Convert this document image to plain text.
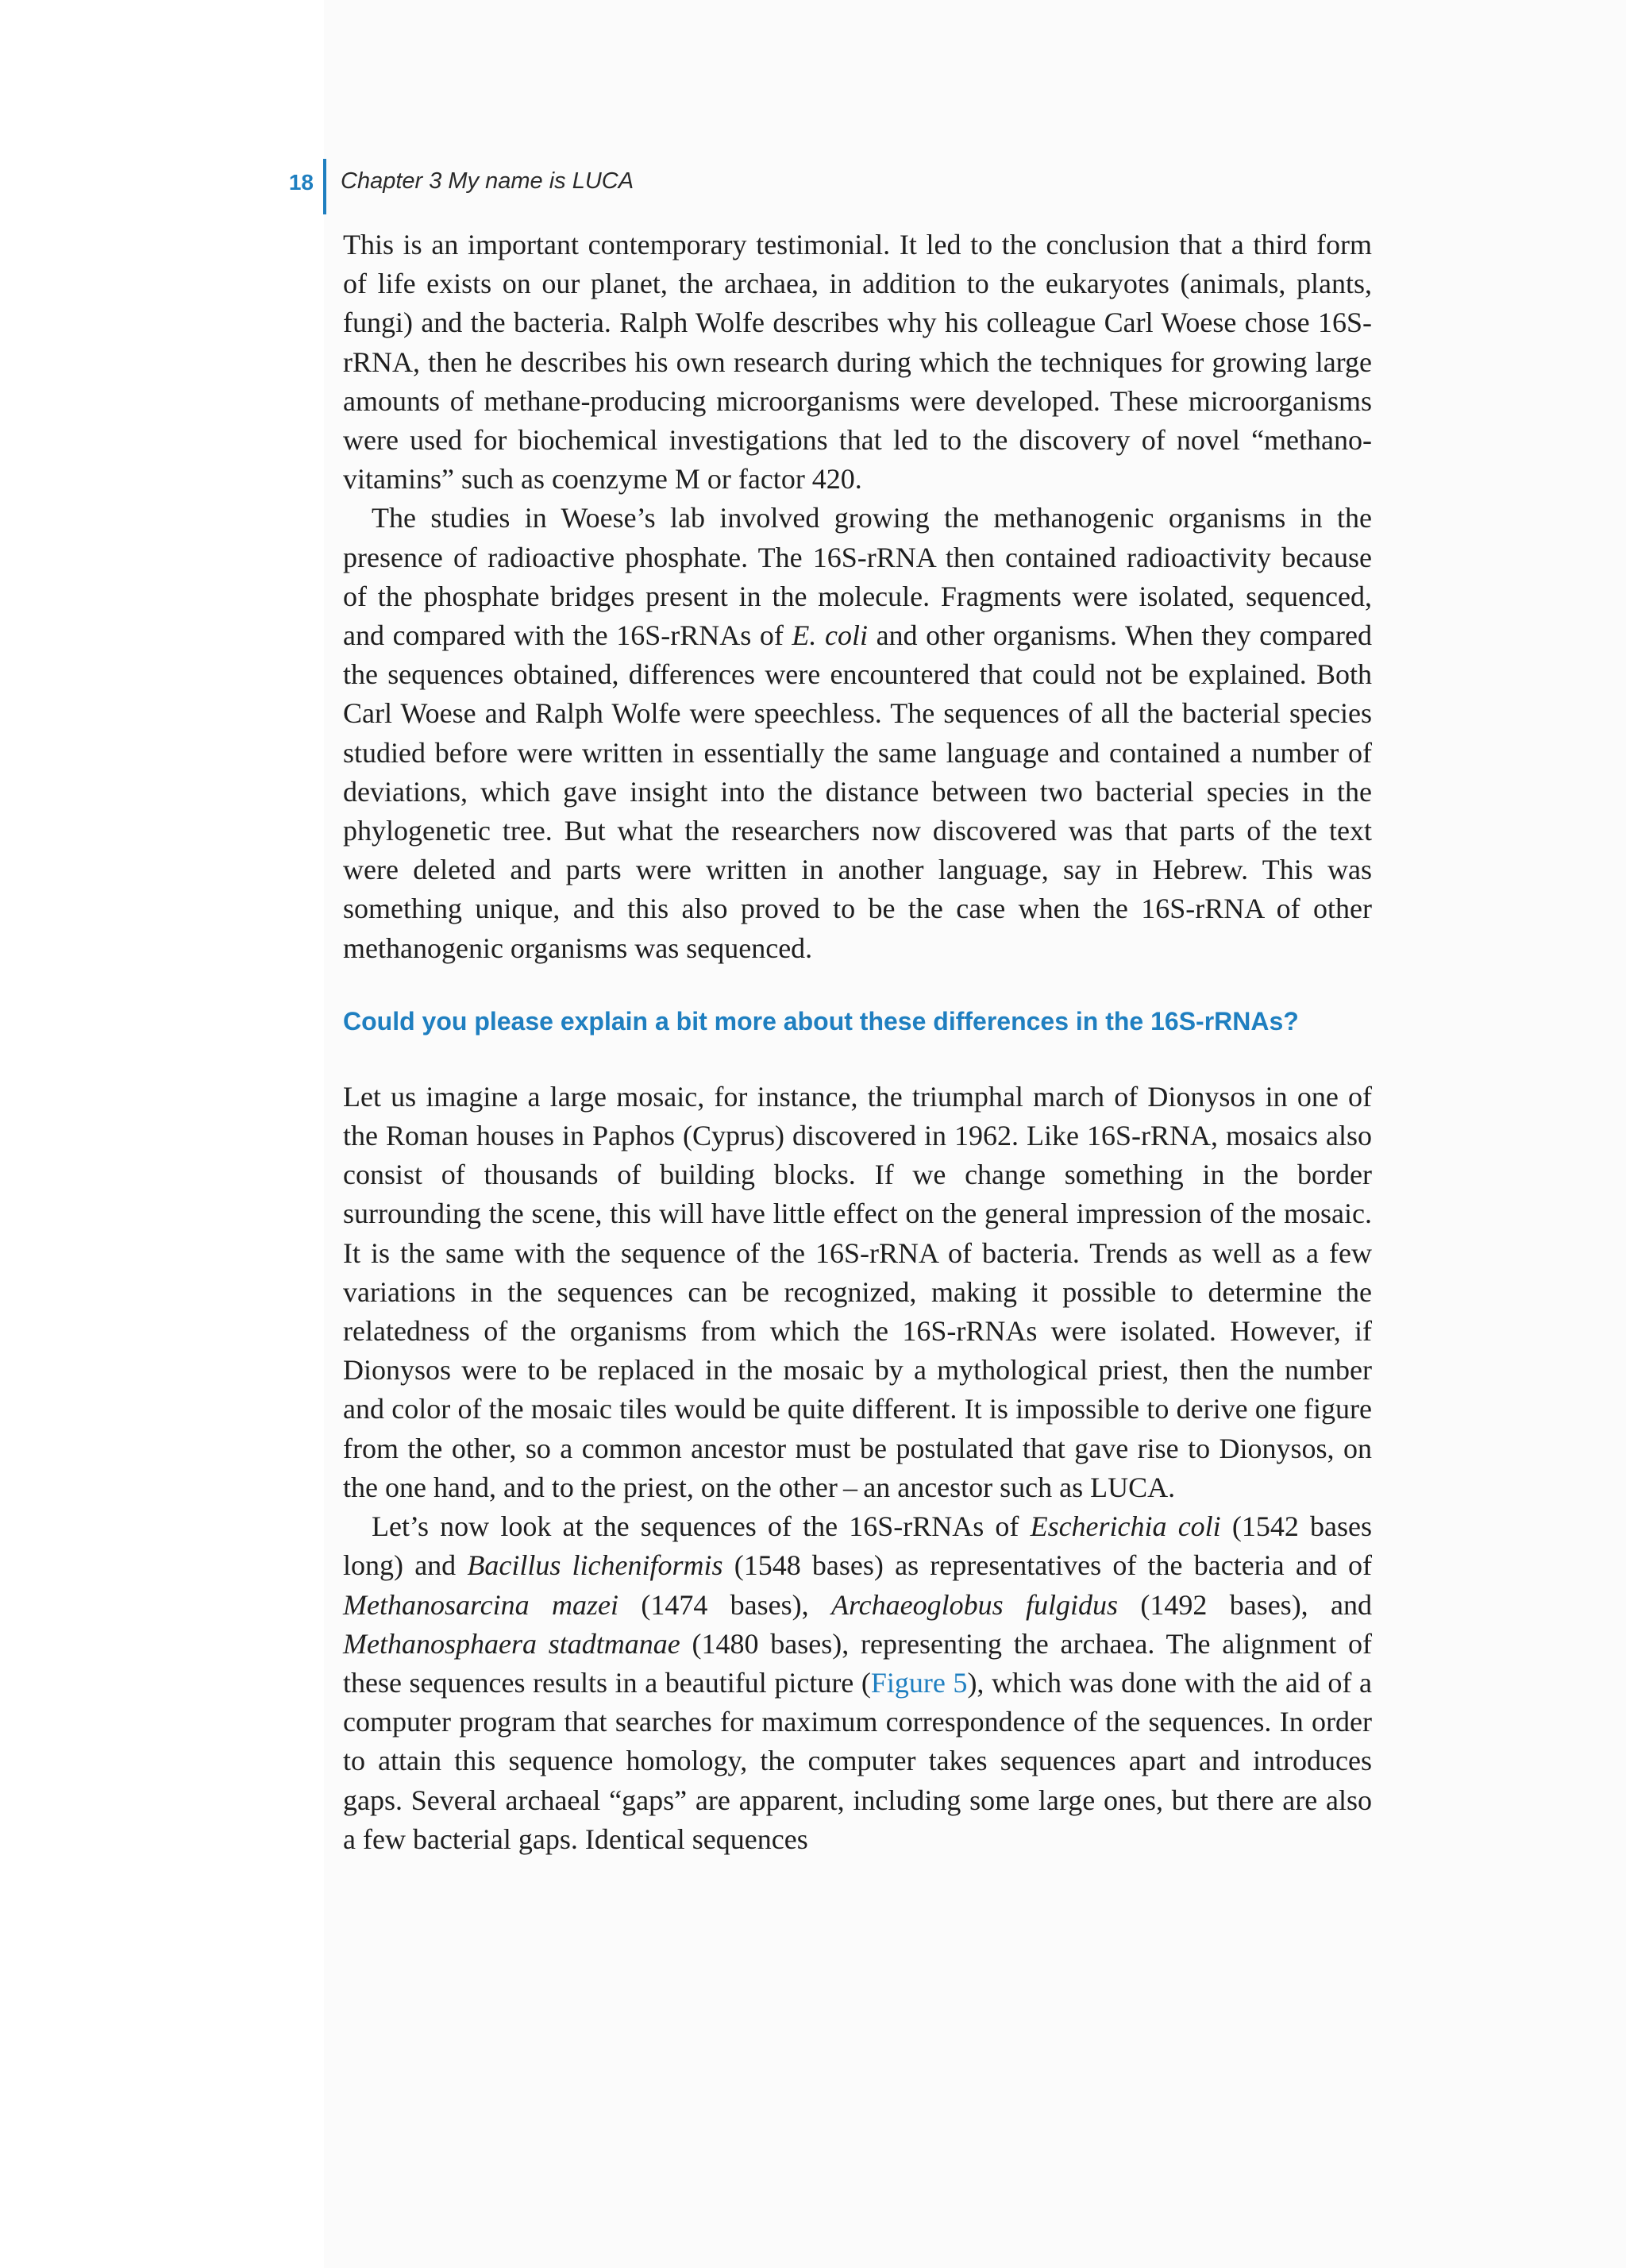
18 Chapter 3 My name is LUCA

This is an important contemporary testimonial. It led to the conclusion that a third form of life exists on our planet, the archaea, in addition to the eukaryotes (animals, plants, fungi) and the bacteria. Ralph Wolfe describes why his colleague Carl Woese chose 16S-rRNA, then he describes his own research during which the techniques for growing large amounts of methane-producing microorganisms were developed. These microorganisms were used for biochemical investigations that led to the discovery of novel “methano-vitamins” such as coenzyme M or factor 420.

The studies in Woese’s lab involved growing the methanogenic organisms in the presence of radioactive phosphate. The 16S-rRNA then contained radioactivity because of the phosphate bridges present in the molecule. Fragments were isolated, sequenced, and compared with the 16S-rRNAs of E. coli and other organisms. When they compared the sequences obtained, differences were encountered that could not be explained. Both Carl Woese and Ralph Wolfe were speechless. The sequences of all the bacterial species studied before were written in essentially the same language and contained a number of deviations, which gave insight into the distance between two bacterial species in the phylogenetic tree. But what the researchers now discovered was that parts of the text were deleted and parts were written in another language, say in Hebrew. This was something unique, and this also proved to be the case when the 16S-rRNA of other methanogenic organisms was sequenced.

Could you please explain a bit more about these differences in the 16S-rRNAs?

Let us imagine a large mosaic, for instance, the triumphal march of Dionysos in one of the Roman houses in Paphos (Cyprus) discovered in 1962. Like 16S-rRNA, mosaics also consist of thousands of building blocks. If we change something in the border surrounding the scene, this will have little effect on the general impression of the mosaic. It is the same with the sequence of the 16S-rRNA of bacteria. Trends as well as a few variations in the sequences can be recognized, making it possible to determine the relatedness of the organisms from which the 16S-rRNAs were isolated. However, if Dionysos were to be replaced in the mosaic by a mythological priest, then the number and color of the mosaic tiles would be quite different. It is impossible to derive one figure from the other, so a common ancestor must be postulated that gave rise to Dionysos, on the one hand, and to the priest, on the other – an ancestor such as LUCA.

Let’s now look at the sequences of the 16S-rRNAs of Escherichia coli (1542 bases long) and Bacillus licheniformis (1548 bases) as representatives of the bacteria and of Methanosarcina mazei (1474 bases), Archaeoglobus fulgidus (1492 bases), and Methanosphaera stadtmanae (1480 bases), representing the archaea. The alignment of these sequences results in a beautiful picture (Figure 5), which was done with the aid of a computer program that searches for maximum correspondence of the sequences. In order to attain this sequence homology, the computer takes sequences apart and introduces gaps. Several archaeal “gaps” are apparent, including some large ones, but there are also a few bacterial gaps. Identical sequences
